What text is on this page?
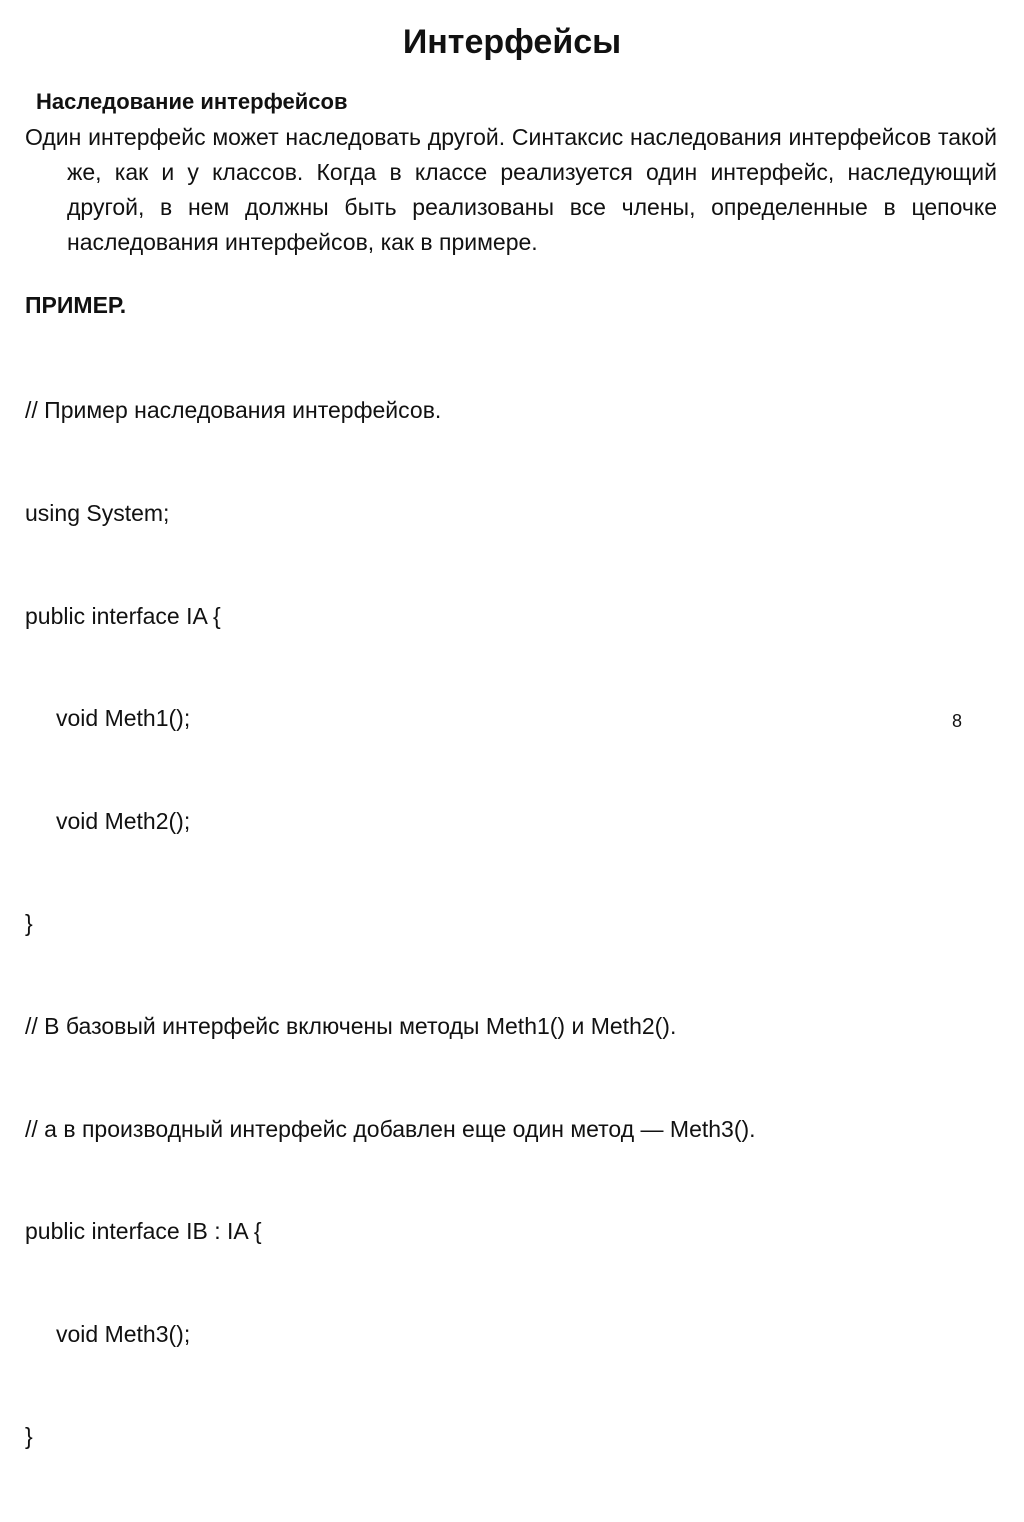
Интерфейсы
Наследование интерфейсов
Один интерфейс может наследовать другой. Синтаксис наследования интерфейсов такой же, как и у классов. Когда в классе реализуется один интерфейс, наследующий другой, в нем должны быть реализованы все члены, определенные в цепочке наследования интерфейсов, как в примере.
ПРИМЕР.

// Пример наследования интерфейсов.

using System;

public interface IA {

void Meth1();

void Meth2();

}

// В базовый интерфейс включены методы Meth1() и Meth2().

// а в производный интерфейс добавлен еще один метод — Meth3().

public interface IB : IA {

void Meth3();

}

8
